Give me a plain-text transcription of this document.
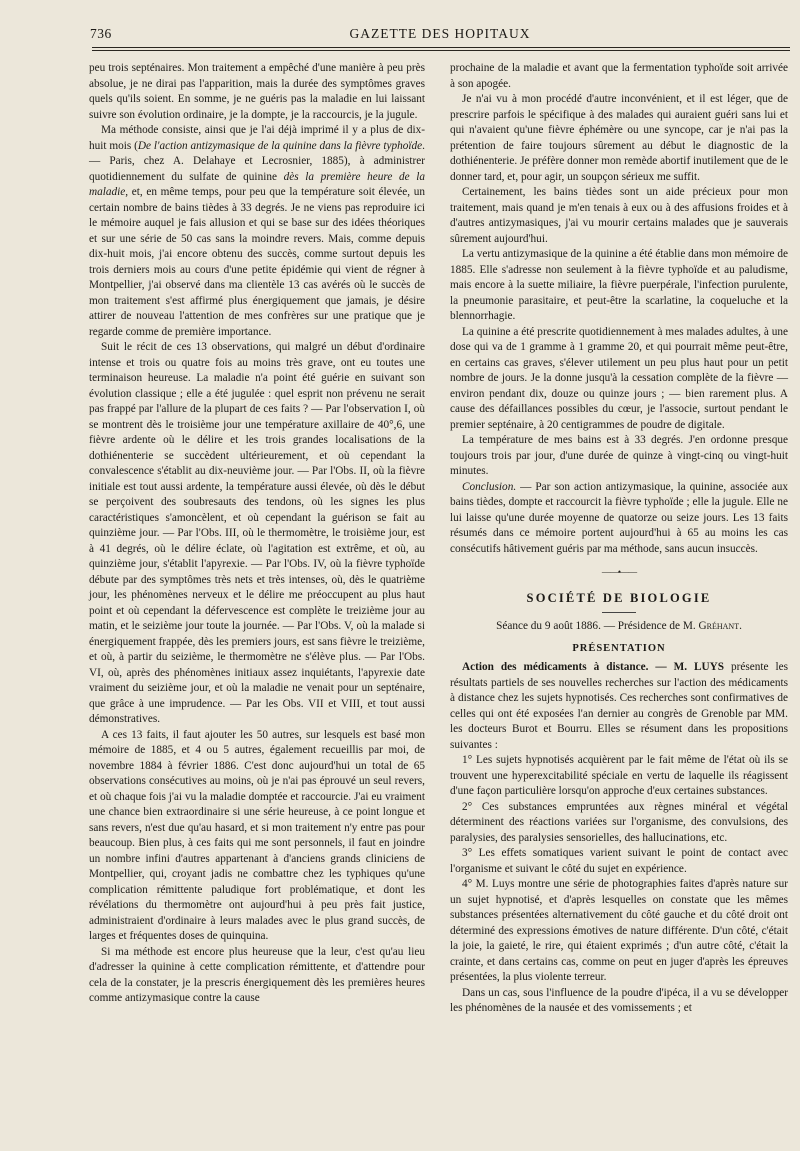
736	GAZETTE DES HOPITAUX

peu trois septénaires. Mon traitement a empêché d'une manière à peu près absolue, je ne dirai pas l'apparition, mais la durée des symptômes graves quels qu'ils soient. En somme, je ne guéris pas la maladie en lui laissant suivre son évolution ordinaire, je la dompte, je la raccourcis, je la jugule.

Ma méthode consiste, ainsi que je l'ai déjà imprimé il y a plus de dix-huit mois (De l'action antizymasique de la quinine dans la fièvre typhoïde. — Paris, chez A. Delahaye et Lecrosnier, 1885), à administrer quotidiennement du sulfate de quinine dès la première heure de la maladie, et, en même temps, pour peu que la température soit élevée, un certain nombre de bains tièdes à 33 degrés. Je ne viens pas reproduire ici le mémoire auquel je fais allusion et qui se base sur des idées théoriques et sur une série de 50 cas sans la moindre revers. Mais, comme depuis dix-huit mois, j'ai encore obtenu des succès, comme surtout depuis les trois derniers mois au cours d'une petite épidémie qui vient de régner à Montpellier, j'ai observé dans ma clientèle 13 cas avérés où le succès de mon traitement s'est affirmé plus énergiquement que jamais, je désire attirer de nouveau l'attention de mes confrères sur une pratique que je regarde comme de première importance.

Suit le récit de ces 13 observations, qui malgré un début d'ordinaire intense et trois ou quatre fois au moins très grave, ont eu toutes une terminaison heureuse. La maladie n'a point été guérie en suivant son évolution classique ; elle a été jugulée : quel esprit non prévenu ne serait pas frappé par l'allure de la plupart de ces faits ? — Par l'observation I, où se montrent dès le troisième jour une température axillaire de 40°,6, une fièvre ardente où le délire et les trois grandes localisations de la dothiénenterie se succèdent ultérieurement, et où cependant la convalescence s'établit au dix-neuvième jour. — Par l'Obs. II, où la fièvre initiale est tout aussi ardente, la température aussi élevée, où dès le début se perçoivent des soubresauts des tendons, où les signes les plus caractéristiques s'amoncèlent, et où cependant la guérison se fait au quinzième jour. — Par l'Obs. III, où le thermomètre, le troisième jour, est à 41 degrés, où le délire éclate, où l'agitation est extrême, et où, au quinzième jour, s'établit l'apyrexie. — Par l'Obs. IV, où la fièvre typhoïde débute par des symptômes très nets et très intenses, où, dès le quatrième jour, les phénomènes nerveux et le délire me préoccupent au plus haut point et où cependant la défervescence est complète le treizième jour au matin, et le seizième jour toute la journée. — Par l'Obs. V, où la malade si énergiquement frappée, dès les premiers jours, est sans fièvre le treizième, et où, à partir du seizième, le thermomètre ne s'élève plus. — Par l'Obs. VI, où, après des phénomènes initiaux assez inquiétants, l'apyrexie date vraiment du seizième jour, et où la maladie ne venait pour un septénaire, que grâce à une imprudence. — Par les Obs. VII et VIII, et tout aussi démonstratives.

A ces 13 faits, il faut ajouter les 50 autres, sur lesquels est basé mon mémoire de 1885, et 4 ou 5 autres, également recueillis par moi, de novembre 1884 à février 1886. C'est donc aujourd'hui un total de 65 observations consécutives au moins, où je n'ai pas éprouvé un seul revers, et où chaque fois j'ai vu la maladie domptée et raccourcie. J'ai eu vraiment une chance bien extraordinaire si une série heureuse, à ce point longue et sans revers, n'est due qu'au hasard, et si mon traitement n'y entre pas pour beaucoup. Bien plus, à ces faits qui me sont personnels, il faut en joindre un nombre infini d'autres appartenant à d'anciens grands cliniciens de Montpellier, qui, croyant jadis ne combattre chez les typhiques qu'une complication rémittente paludique fort problématique, et dont les révélations du thermomètre ont aujourd'hui à peu près fait justice, administraient d'ordinaire à leurs malades avec le plus grand succès, de larges et fréquentes doses de quinquina.

Si ma méthode est encore plus heureuse que la leur, c'est qu'au lieu d'adresser la quinine à cette complication rémittente, et d'attendre pour cela de la constater, je la prescris énergiquement dès les premières heures comme antizymasique contre la cause

prochaine de la maladie et avant que la fermentation typhoïde soit arrivée à son apogée.

Je n'ai vu à mon procédé d'autre inconvénient, et il est léger, que de prescrire parfois le spécifique à des malades qui auraient guéri sans lui et qui n'avaient qu'une fièvre éphémère ou une syncope, car je n'ai pas la prétention de faire toujours sûrement au début le diagnostic de la dothiénenterie. Je préfère donner mon remède abortif inutilement que de le donner tard, et, pour agir, un soupçon sérieux me suffit.

Certainement, les bains tièdes sont un aide précieux pour mon traitement, mais quand je m'en tenais à eux ou à des affusions froides et à d'autres antizymasiques, j'ai vu mourir certains malades que je sauverais sûrement aujourd'hui.

La vertu antizymasique de la quinine a été établie dans mon mémoire de 1885. Elle s'adresse non seulement à la fièvre typhoïde et au paludisme, mais encore à la suette miliaire, la fièvre puerpérale, l'infection purulente, la pneumonie parasitaire, et peut-être la scarlatine, la coqueluche et la blennorrhagie.

La quinine a été prescrite quotidiennement à mes malades adultes, à une dose qui va de 1 gramme à 1 gramme 20, et qui pourrait même peut-être, en certains cas graves, s'élever utilement un peu plus haut pour un petit nombre de jours. Je la donne jusqu'à la cessation complète de la fièvre — environ pendant dix, douze ou quinze jours ; — bien rarement plus. A cause des défaillances possibles du cœur, je l'associe, surtout pendant le premier septénaire, à 20 centigrammes de poudre de digitale.

La température de mes bains est à 33 degrés. J'en ordonne presque toujours trois par jour, d'une durée de quinze à vingt-cinq ou vingt-huit minutes.

Conclusion. — Par son action antizymasique, la quinine, associée aux bains tièdes, dompte et raccourcit la fièvre typhoïde ; elle la jugule. Elle ne lui laisse qu'une durée moyenne de quatorze ou seize jours. Les 13 faits résumés dans ce mémoire portent aujourd'hui à 65 au moins les cas consécutifs hâtivement guéris par ma méthode, sans aucun insuccès.

——•——
SOCIÉTÉ DE BIOLOGIE
Séance du 9 août 1886. — Présidence de M. Gréhant.
PRÉSENTATION

Action des médicaments à distance. — M. LUYS présente les résultats partiels de ses nouvelles recherches sur l'action des médicaments à distance chez les sujets hypnotisés. Ces recherches sont confirmatives de celles qui ont été exposées l'an dernier au congrès de Grenoble par MM. les docteurs Burot et Bourru. Elles se résument dans les propositions suivantes :

1° Les sujets hypnotisés acquièrent par le fait même de l'état où ils se trouvent une hyperexcitabilité spéciale en vertu de laquelle ils réagissent d'une façon particulière lorsqu'on approche d'eux certaines substances.

2° Ces substances empruntées aux règnes minéral et végétal déterminent des réactions variées sur l'organisme, des convulsions, des paralysies, des paralysies sensorielles, des hallucinations, etc.

3° Les effets somatiques varient suivant le point de contact avec l'organisme et suivant le côté du sujet en expérience.

4° M. Luys montre une série de photographies faites d'après nature sur un sujet hypnotisé, et d'après lesquelles on constate que les mêmes substances présentées alternativement du côté gauche et du côté droit ont déterminé des expressions émotives de nature différente. D'un côté, c'était la joie, la gaieté, le rire, qui étaient exprimés ; d'un autre côté, c'était la crainte, et dans certains cas, comme on peut en juger d'après les épreuves présentées, la plus violente terreur.

Dans un cas, sous l'influence de la poudre d'ipéca, il a vu se développer les phénomènes de la nausée et des vomissements ; et
